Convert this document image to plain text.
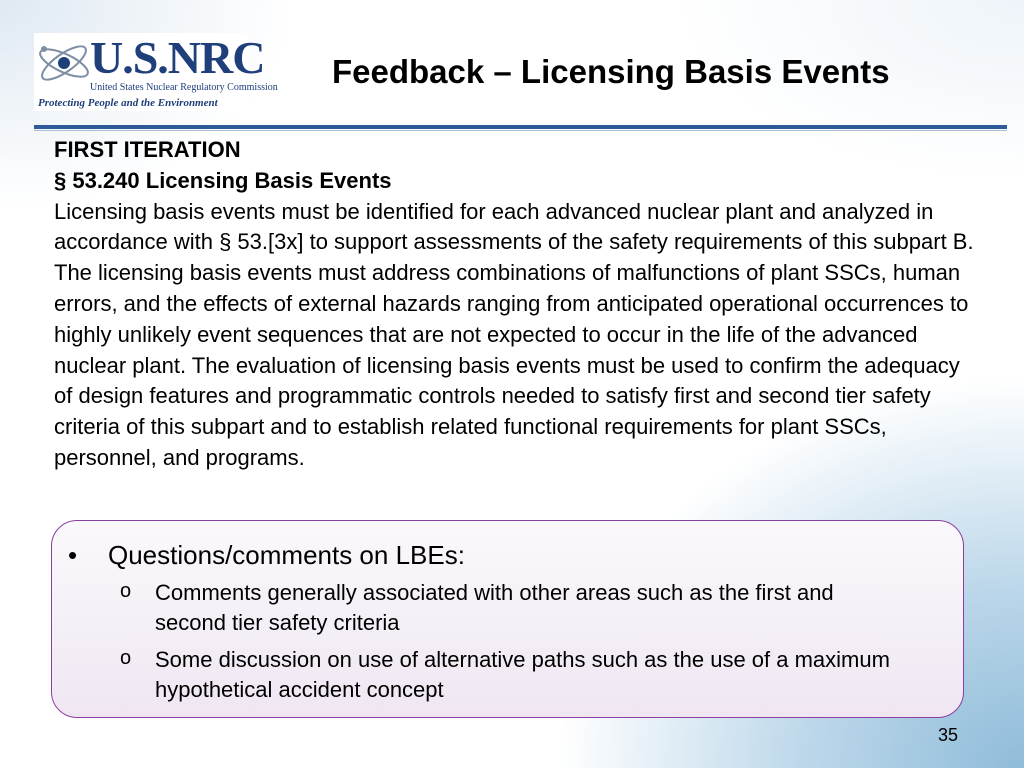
U.S.NRC
United States Nuclear Regulatory Commission
Protecting People and the Environment
Feedback – Licensing Basis Events
FIRST ITERATION
§ 53.240 Licensing Basis Events
Licensing basis events must be identified for each advanced nuclear plant and analyzed in accordance with § 53.[3x] to support assessments of the safety requirements of this subpart B. The licensing basis events must address combinations of malfunctions of plant SSCs, human errors, and the effects of external hazards ranging from anticipated operational occurrences to highly unlikely event sequences that are not expected to occur in the life of the advanced nuclear plant. The evaluation of licensing basis events must be used to confirm the adequacy of design features and programmatic controls needed to satisfy first and second tier safety criteria of this subpart and to establish related functional requirements for plant SSCs, personnel, and programs.
• Questions/comments on LBEs:
o Comments generally associated with other areas such as the first and second tier safety criteria
o Some discussion on use of alternative paths such as the use of a maximum hypothetical accident concept
35
